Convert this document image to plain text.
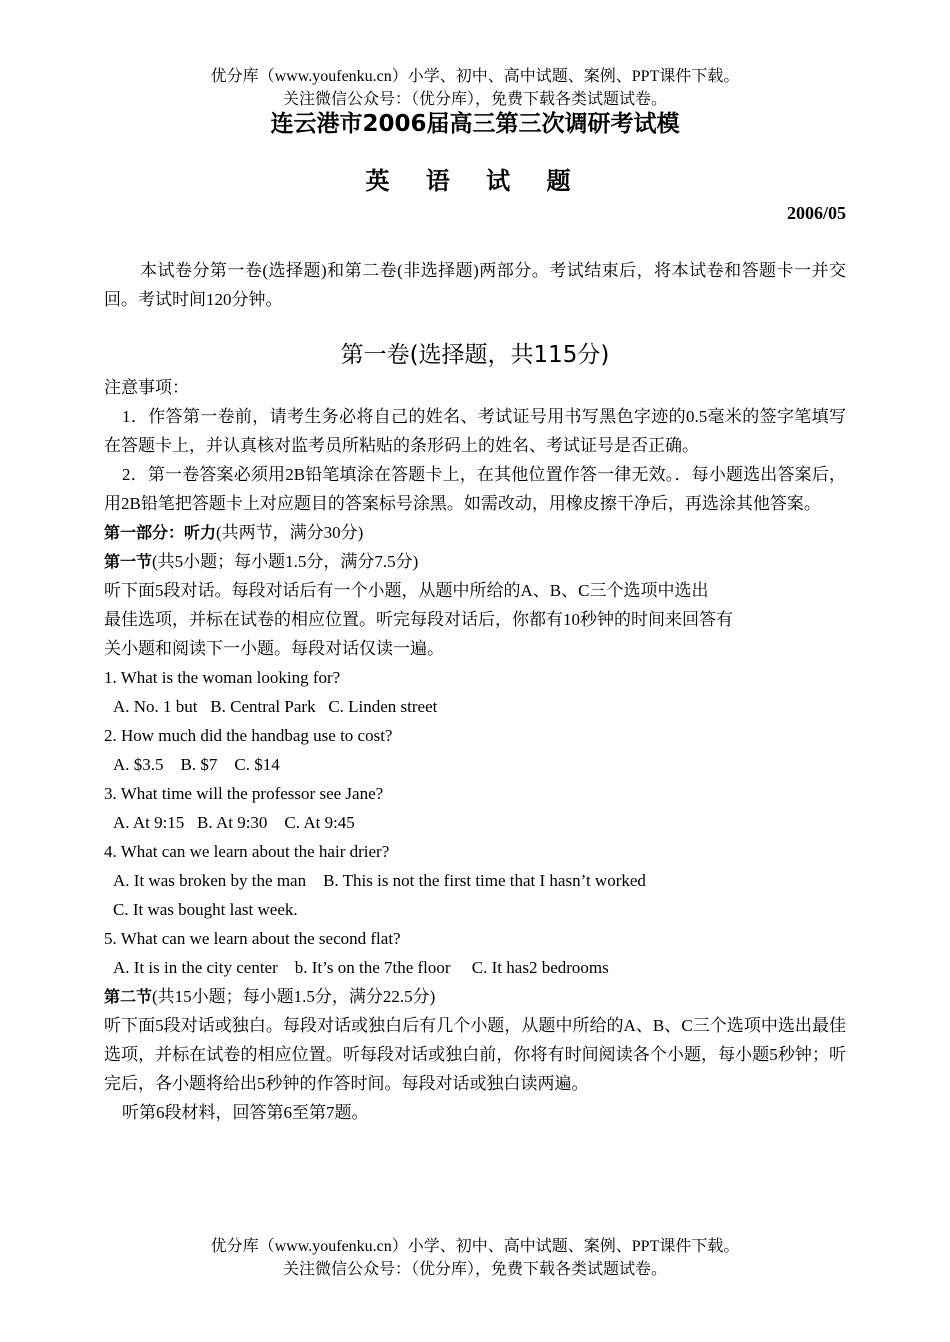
优分库（www.youfenku.cn）小学、初中、高中试题、案例、PPT课件下载。
关注微信公众号：（优分库），免费下载各类试题试卷。
连云港市2006届高三第三次调研考试模
英 语 试 题
2006/05

本试卷分第一卷(选择题)和第二卷(非选择题)两部分。考试结束后，将本试卷和答题卡一并交回。考试时间120分钟。

第一卷(选择题，共115分)

注意事项：

1．作答第一卷前，请考生务必将自己的姓名、考试证号用书写黑色字迹的0.5毫米的签字笔填写在答题卡上，并认真核对监考员所粘贴的条形码上的姓名、考试证号是否正确。

2．第一卷答案必须用2B铅笔填涂在答题卡上，在其他位置作答一律无效。．每小题选出答案后，用2B铅笔把答题卡上对应题目的答案标号涂黑。如需改动，用橡皮擦干净后，再选涂其他答案。

第一部分：听力(共两节，满分30分)

第一节(共5小题；每小题1.5分，满分7.5分)

听下面5段对话。每段对话后有一个小题，从题中所给的A、B、C三个选项中选出

最佳选项，并标在试卷的相应位置。听完每段对话后，你都有10秒钟的时间来回答有

关小题和阅读下一小题。每段对话仅读一遍。

1. What is the woman looking for?

A. No. 1 but   B. Central Park   C. Linden street

2. How much did the handbag use to cost?

A. $3.5    B. $7    C. $14

3. What time will the professor see Jane?

A. At 9:15   B. At 9:30    C. At 9:45

4. What can we learn about the hair drier?

A. It was broken by the man    B. This is not the first time that I hasn’t worked

C. It was bought last week.

5. What can we learn about the second flat?

A. It is in the city center    b. It’s on the 7the floor     C. It has2 bedrooms

第二节(共15小题；每小题1.5分，满分22.5分)

听下面5段对话或独白。每段对话或独白后有几个小题，从题中所给的A、B、C三个选项中选出最佳选项，并标在试卷的相应位置。听每段对话或独白前，你将有时间阅读各个小题，每小题5秒钟；听完后，各小题将给出5秒钟的作答时间。每段对话或独白读两遍。

听第6段材料，回答第6至第7题。

优分库（www.youfenku.cn）小学、初中、高中试题、案例、PPT课件下载。
关注微信公众号：（优分库），免费下载各类试题试卷。
